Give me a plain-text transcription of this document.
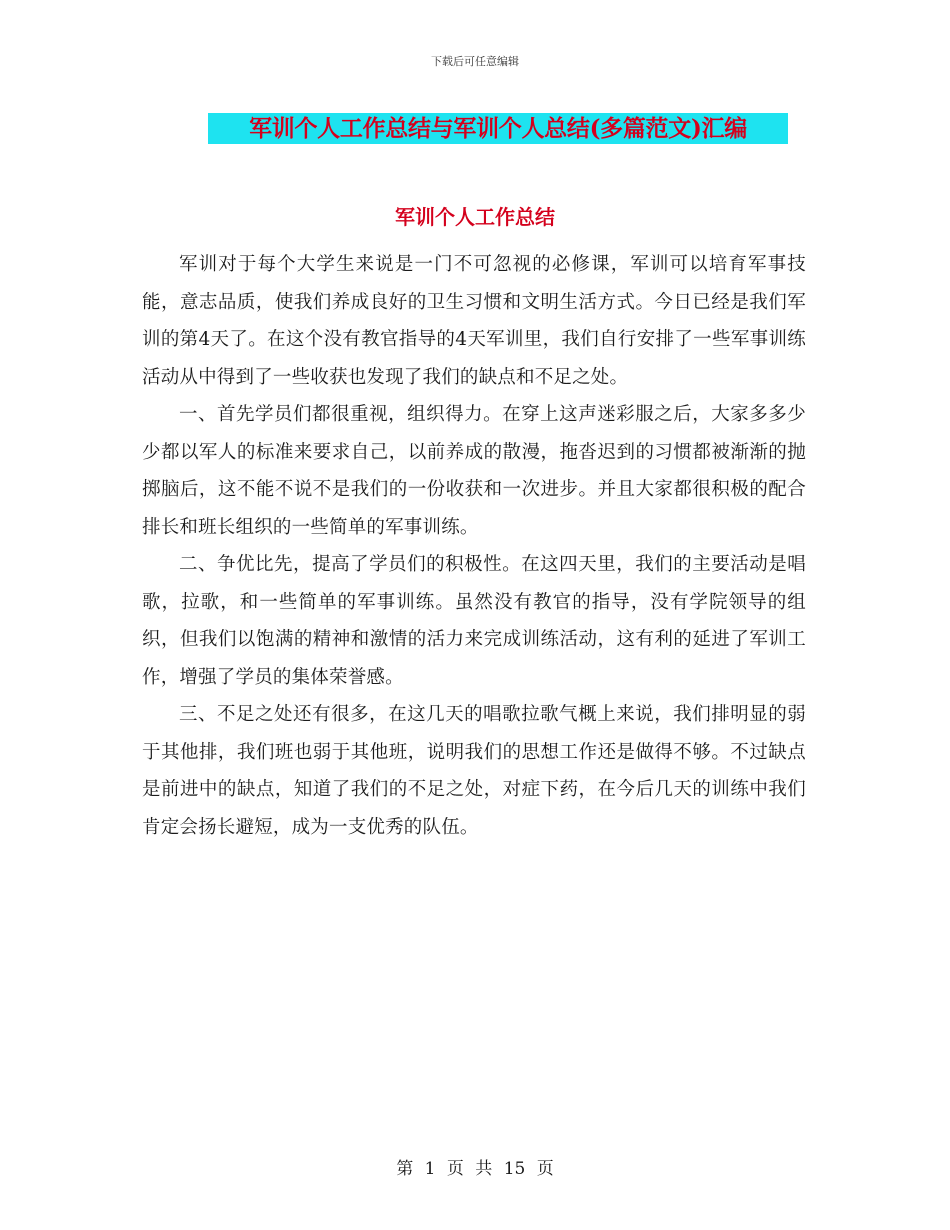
下载后可任意编辑
军训个人工作总结与军训个人总结(多篇范文)汇编
军训个人工作总结

军训对于每个大学生来说是一门不可忽视的必修课，军训可以培育军事技能，意志品质，使我们养成良好的卫生习惯和文明生活方式。今日已经是我们军训的第4天了。在这个没有教官指导的4天军训里，我们自行安排了一些军事训练活动从中得到了一些收获也发现了我们的缺点和不足之处。

一、首先学员们都很重视，组织得力。在穿上这声迷彩服之后，大家多多少少都以军人的标准来要求自己，以前养成的散漫，拖沓迟到的习惯都被渐渐的抛掷脑后，这不能不说不是我们的一份收获和一次进步。并且大家都很积极的配合排长和班长组织的一些简单的军事训练。

二、争优比先，提高了学员们的积极性。在这四天里，我们的主要活动是唱歌，拉歌，和一些简单的军事训练。虽然没有教官的指导，没有学院领导的组织，但我们以饱满的精神和激情的活力来完成训练活动，这有利的延进了军训工作，增强了学员的集体荣誉感。

三、不足之处还有很多，在这几天的唱歌拉歌气概上来说，我们排明显的弱于其他排，我们班也弱于其他班，说明我们的思想工作还是做得不够。不过缺点是前进中的缺点，知道了我们的不足之处，对症下药，在今后几天的训练中我们肯定会扬长避短，成为一支优秀的队伍。

第 1 页 共 15 页
